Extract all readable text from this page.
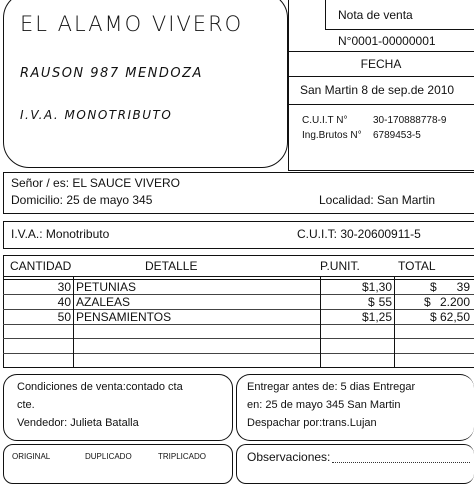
EL ALAMO VIVERO
RAUSON 987 MENDOZA
I.V.A. MONOTRIBUTO
Nota de venta
N°0001-00000001
FECHA
San Martin 8 de sep.de 2010
C.U.I.T N°	30-170888778-9
Ing.Brutos N° 6789453-5
Señor / es: EL SAUCE VIVERO
Domicilio: 25 de mayo 345	Localidad: San Martin
I.V.A.: Monotributo	C.U.I.T: 30-20600911-5
CANTIDAD	DETALLE	P.UNIT.	TOTAL
30 PETUNIAS	$ 1,30	$	39
40 AZALEAS	$ 55	$ 2.200
50 PENSAMIENTOS	$ 1,25	$ 62,50
Condiciones de venta:contado cta
cte.
Vendedor: Julieta Batalla
Entregar antes de: 5 dias Entregar
en: 25 de mayo 345 San Martin
Despachar por:trans.Lujan
ORIGINAL	DUPLICADO	TRIPLICADO	Observaciones:
